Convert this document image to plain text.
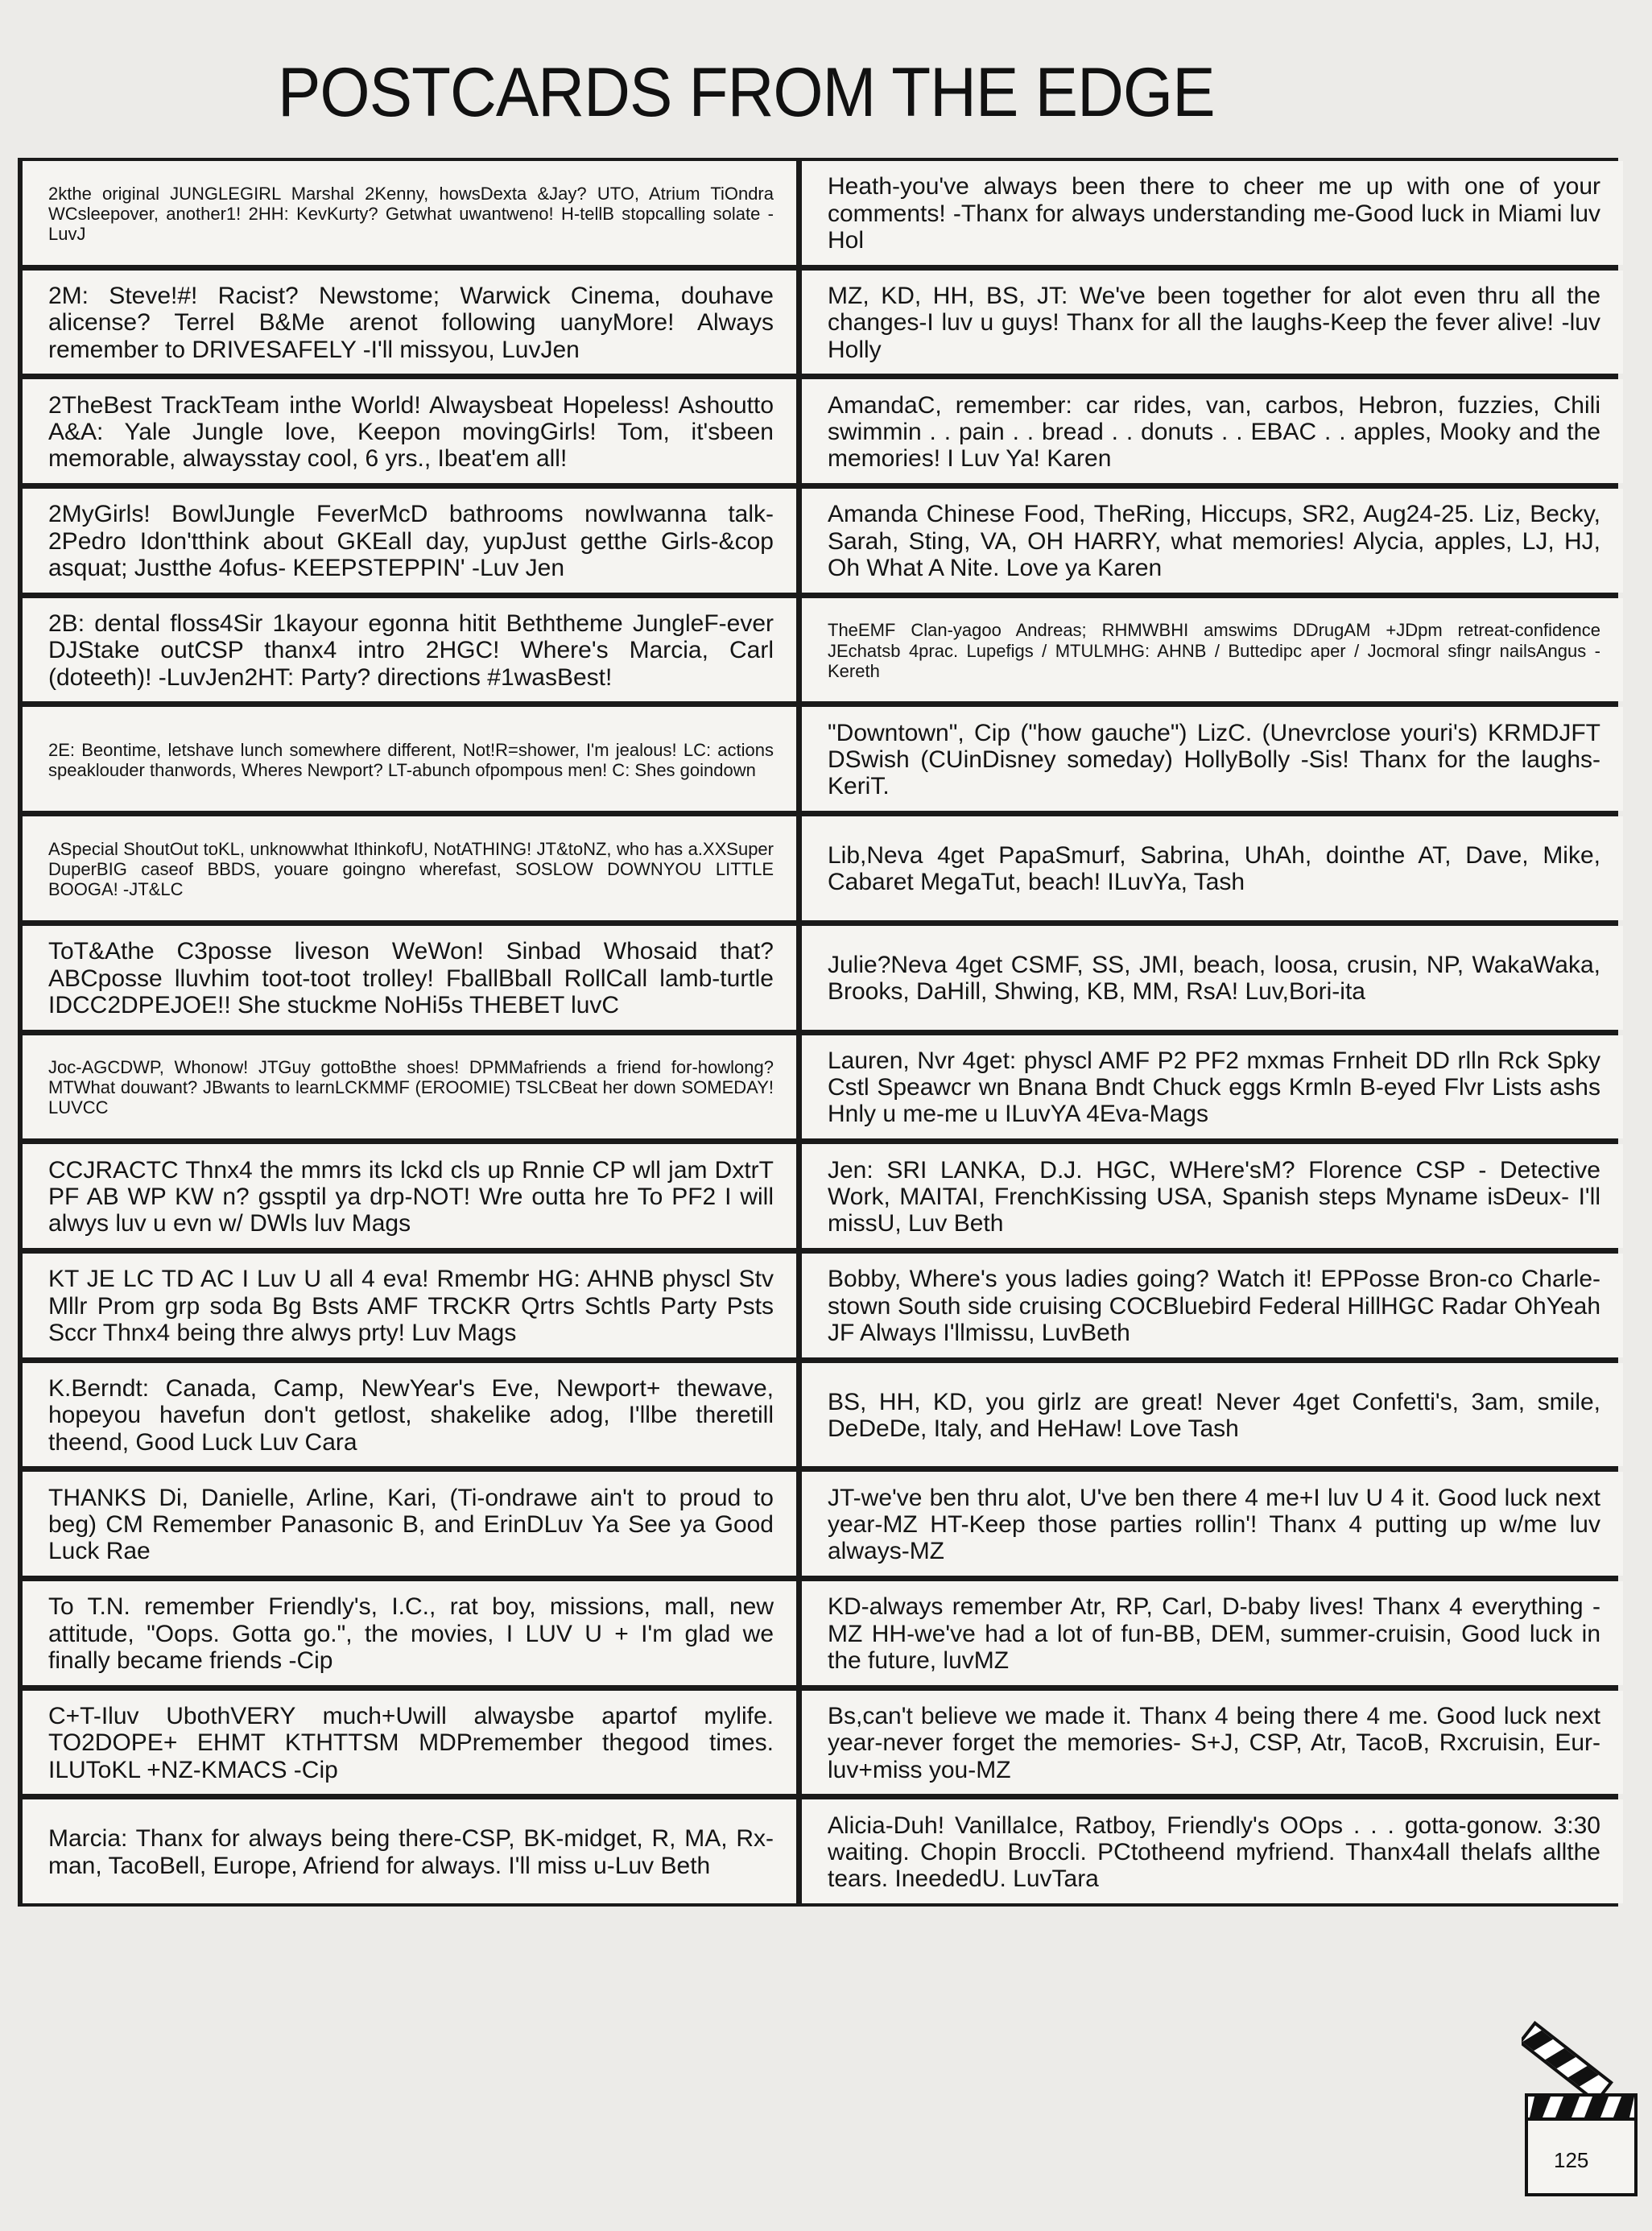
POSTCARDS FROM THE EDGE

2kthe original JUNGLEGIRL Marshal 2Kenny, howsDexta &Jay? UTO, Atrium TiOndra WCsleepover, another1! 2HH: KevKurty? Getwhat uwantweno! H-tellB stopcalling solate -LuvJ

Heath-you've always been there to cheer me up with one of your comments! -Thanx for always understanding me-Good luck in Miami luv Hol

2M: Steve!#! Racist? Newstome; Warwick Cinema, douhave alicense? Terrel B&Me arenot following uanyMore! Always remember to DRIVESAFELY -I'll missyou, LuvJen

MZ, KD, HH, BS, JT: We've been together for alot even thru all the changes-I luv u guys! Thanx for all the laughs-Keep the fever alive! -luv Holly

2TheBest TrackTeam inthe World! Alwaysbeat Hopeless! Ashoutto A&A: Yale Jungle love, Keepon movingGirls! Tom, it'sbeen memorable, alwaysstay cool, 6 yrs., Ibeat'em all!

AmandaC, remember: car rides, van, carbos, Hebron, fuzzies, Chili swimmin . . pain . . bread . . donuts . . EBAC . . apples, Mooky and the memories! I Luv Ya! Karen

2MyGirls! BowlJungle FeverMcD bathrooms nowIwanna talk-2Pedro Idon'tthink about GKEall day, yupJust getthe Girls-&cop asquat; Justthe 4ofus- KEEPSTEPPIN' -Luv Jen

Amanda Chinese Food, TheRing, Hiccups, SR2, Aug24-25. Liz, Becky, Sarah, Sting, VA, OH HARRY, what memories! Alycia, apples, LJ, HJ, Oh What A Nite. Love ya Karen

2B: dental floss4Sir 1kayour egonna hitit Beththeme JungleF-ever DJStake outCSP thanx4 intro 2HGC! Where's Marcia, Carl (doteeth)! -LuvJen2HT: Party? directions #1wasBest!

TheEMF Clan-yagoo Andreas; RHMWBHI amswims DDrugAM +JDpm retreat-confidence JEchatsb 4prac. Lupefigs / MTULMHG: AHNB / Buttedipc aper / Jocmoral sfingr nailsAngus -Kereth

2E: Beontime, letshave lunch somewhere different, Not!R=shower, I'm jealous! LC: actions speaklouder thanwords, Wheres Newport? LT-abunch ofpompous men! C: Shes goindown

"Downtown", Cip ("how gauche") LizC. (Unevrclose youri's) KRMDJFT DSwish (CUinDisney someday) HollyBolly -Sis! Thanx for the laughs- KeriT.

ASpecial ShoutOut toKL, unknowwhat IthinkofU, NotATHING! JT&toNZ, who has a.XXSuper DuperBIG caseof BBDS, youare goingno wherefast, SOSLOW DOWNYOU LITTLE BOOGA! -JT&LC

Lib,Neva 4get PapaSmurf, Sabrina, UhAh, dointhe AT, Dave, Mike, Cabaret MegaTut, beach! ILuvYa, Tash

ToT&Athe C3posse liveson WeWon! Sinbad Whosaid that? ABCposse lluvhim toot-toot trolley! FballBball RollCall lamb-turtle IDCC2DPEJOE!! She stuckme NoHi5s THEBET luvC

Julie?Neva 4get CSMF, SS, JMI, beach, loosa, crusin, NP, WakaWaka, Brooks, DaHill, Shwing, KB, MM, RsA! Luv,Bori-ita

Joc-AGCDWP, Whonow! JTGuy gottoBthe shoes! DPMMafriends a friend for-howlong? MTWhat douwant? JBwants to learnLCKMMF (EROOMIE) TSLCBeat her down SOMEDAY! LUVCC

Lauren, Nvr 4get: physcl AMF P2 PF2 mxmas Frnheit DD rlln Rck Spky Cstl Speawcr wn Bnana Bndt Chuck eggs Krmln B-eyed Flvr Lists ashs Hnly u me-me u ILuvYA 4Eva-Mags

CCJRACTC Thnx4 the mmrs its lckd cls up Rnnie CP wll jam DxtrT PF AB WP KW n? gssptil ya drp-NOT! Wre outta hre To PF2 I will alwys luv u evn w/ DWls luv Mags

Jen: SRI LANKA, D.J. HGC, WHere'sM? Florence CSP - Detective Work, MAITAI, FrenchKissing USA, Spanish steps Myname isDeux- I'll missU, Luv Beth

KT JE LC TD AC I Luv U all 4 eva! Rmembr HG: AHNB physcl Stv Mllr Prom grp soda Bg Bsts AMF TRCKR Qrtrs Schtls Party Psts Sccr Thnx4 being thre alwys prty! Luv Mags

Bobby, Where's yous ladies going? Watch it! EPPosse Bron-co Charle- stown South side cruising COCBluebird Federal HillHGC Radar OhYeah JF Always I'llmissu, LuvBeth

K.Berndt: Canada, Camp, NewYear's Eve, Newport+ thewave, hopeyou havefun don't getlost, shakelike adog, I'llbe theretill theend, Good Luck Luv Cara

BS, HH, KD, you girlz are great! Never 4get Confetti's, 3am, smile, DeDeDe, Italy, and HeHaw! Love Tash

THANKS Di, Danielle, Arline, Kari, (Ti-ondrawe ain't to proud to beg) CM Remember Panasonic B, and ErinDLuv Ya See ya Good Luck Rae

JT-we've ben thru alot, U've ben there 4 me+I luv U 4 it. Good luck next year-MZ HT-Keep those parties rollin'! Thanx 4 putting up w/me luv always-MZ

To T.N. remember Friendly's, I.C., rat boy, missions, mall, new attitude, "Oops. Gotta go.", the movies, I LUV U + I'm glad we finally became friends -Cip

KD-always remember Atr, RP, Carl, D-baby lives! Thanx 4 everything -MZ HH-we've had a lot of fun-BB, DEM, summer-cruisin, Good luck in the future, luvMZ

C+T-Iluv UbothVERY much+Uwill alwaysbe apartof mylife. TO2DOPE+ EHMT KTHTTSM MDPremember thegood times. ILUToKL +NZ-KMACS -Cip

Bs,can't believe we made it. Thanx 4 being there 4 me. Good luck next year-never forget the memories- S+J, CSP, Atr, TacoB, Rxcruisin, Eur- luv+miss you-MZ

Marcia: Thanx for always being there-CSP, BK-midget, R, MA, Rx-man, TacoBell, Europe, Afriend for always. I'll miss u-Luv Beth

Alicia-Duh! VanillaIce, Ratboy, Friendly's OOps . . . gotta-gonow. 3:30 waiting. Chopin Broccli. PCtotheend myfriend. Thanx4all thelafs allthe tears. IneededU. LuvTara

125
